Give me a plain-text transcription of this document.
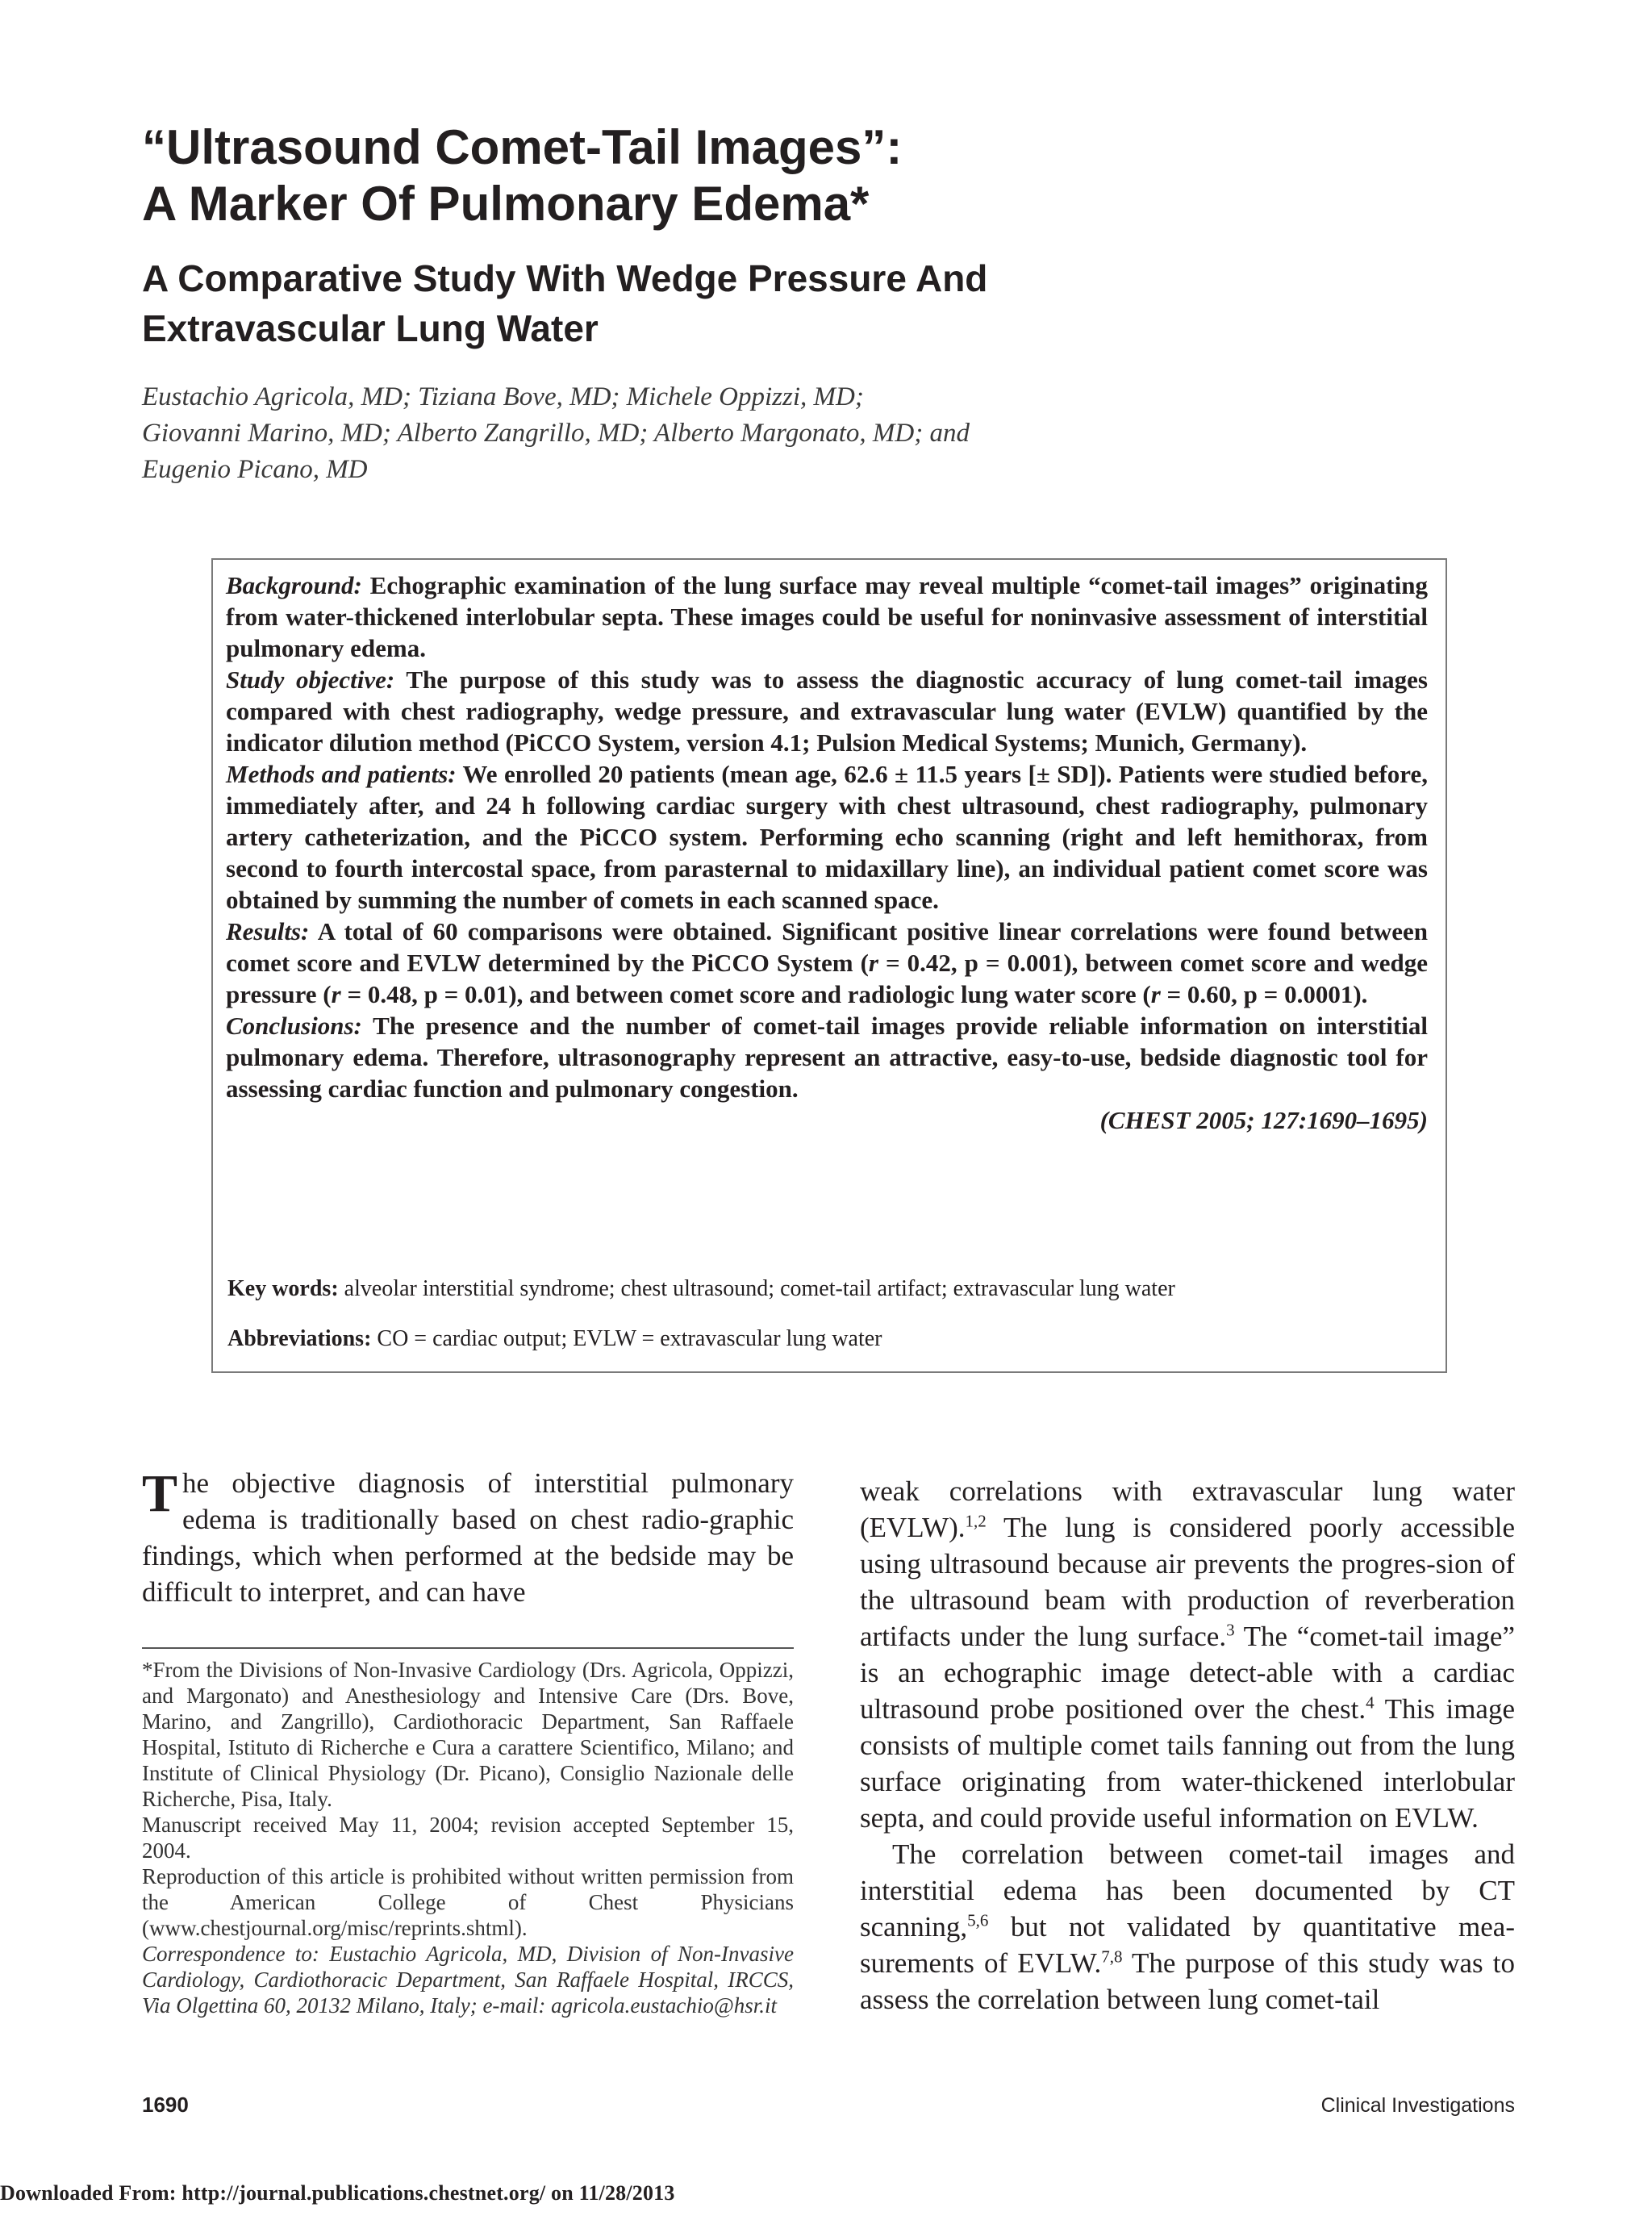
“Ultrasound Comet-Tail Images”:
A Marker Of Pulmonary Edema*
A Comparative Study With Wedge Pressure And
Extravascular Lung Water
Eustachio Agricola, MD; Tiziana Bove, MD; Michele Oppizzi, MD;
Giovanni Marino, MD; Alberto Zangrillo, MD; Alberto Margonato, MD; and
Eugenio Picano, MD

Background: Echographic examination of the lung surface may reveal multiple “comet-tail images” originating from water-thickened interlobular septa. These images could be useful for noninvasive assessment of interstitial pulmonary edema.

Study objective: The purpose of this study was to assess the diagnostic accuracy of lung comet-tail images compared with chest radiography, wedge pressure, and extravascular lung water (EVLW) quantified by the indicator dilution method (PiCCO System, version 4.1; Pulsion Medical Systems; Munich, Germany).

Methods and patients: We enrolled 20 patients (mean age, 62.6 ± 11.5 years [± SD]). Patients were studied before, immediately after, and 24 h following cardiac surgery with chest ultrasound, chest radiography, pulmonary artery catheterization, and the PiCCO system. Performing echo scanning (right and left hemithorax, from second to fourth intercostal space, from parasternal to midaxillary line), an individual patient comet score was obtained by summing the number of comets in each scanned space.

Results: A total of 60 comparisons were obtained. Significant positive linear correlations were found between comet score and EVLW determined by the PiCCO System (r = 0.42, p = 0.001), between comet score and wedge pressure (r = 0.48, p = 0.01), and between comet score and radiologic lung water score (r = 0.60, p = 0.0001).

Conclusions: The presence and the number of comet-tail images provide reliable information on interstitial pulmonary edema. Therefore, ultrasonography represent an attractive, easy-to-use, bedside diagnostic tool for assessing cardiac function and pulmonary congestion.

(CHEST 2005; 127:1690–1695)

Key words: alveolar interstitial syndrome; chest ultrasound; comet-tail artifact; extravascular lung water
Abbreviations: CO = cardiac output; EVLW = extravascular lung water

The objective diagnosis of interstitial pulmonary edema is traditionally based on chest radio-graphic findings, which when performed at the bedside may be difficult to interpret, and can have

weak correlations with extravascular lung water (EVLW).$^{1,2}$ The lung is considered poorly accessible using ultrasound because air prevents the progres-sion of the ultrasound beam with production of reverberation artifacts under the lung surface.$^3$ The “comet-tail image” is an echographic image detect-able with a cardiac ultrasound probe positioned over the chest.$^4$ This image consists of multiple comet tails fanning out from the lung surface originating from water-thickened interlobular septa, and could provide useful information on EVLW.

The correlation between comet-tail images and interstitial edema has been documented by CT scanning,$^{5,6}$ but not validated by quantitative mea-surements of EVLW.$^{7,8}$ The purpose of this study was to assess the correlation between lung comet-tail

*From the Divisions of Non-Invasive Cardiology (Drs. Agricola, Oppizzi, and Margonato) and Anesthesiology and Intensive Care (Drs. Bove, Marino, and Zangrillo), Cardiothoracic Department, San Raffaele Hospital, Istituto di Richerche e Cura a carattere Scientifico, Milano; and Institute of Clinical Physiology (Dr. Picano), Consiglio Nazionale delle Richerche, Pisa, Italy.

Manuscript received May 11, 2004; revision accepted September 15, 2004.

Reproduction of this article is prohibited without written permission from the American College of Chest Physicians (www.chestjournal.org/misc/reprints.shtml).

Correspondence to: Eustachio Agricola, MD, Division of Non-Invasive Cardiology, Cardiothoracic Department, San Raffaele Hospital, IRCCS, Via Olgettina 60, 20132 Milano, Italy; e-mail: agricola.eustachio@hsr.it

1690	Clinical Investigations
Downloaded From: http://journal.publications.chestnet.org/ on 11/28/2013
